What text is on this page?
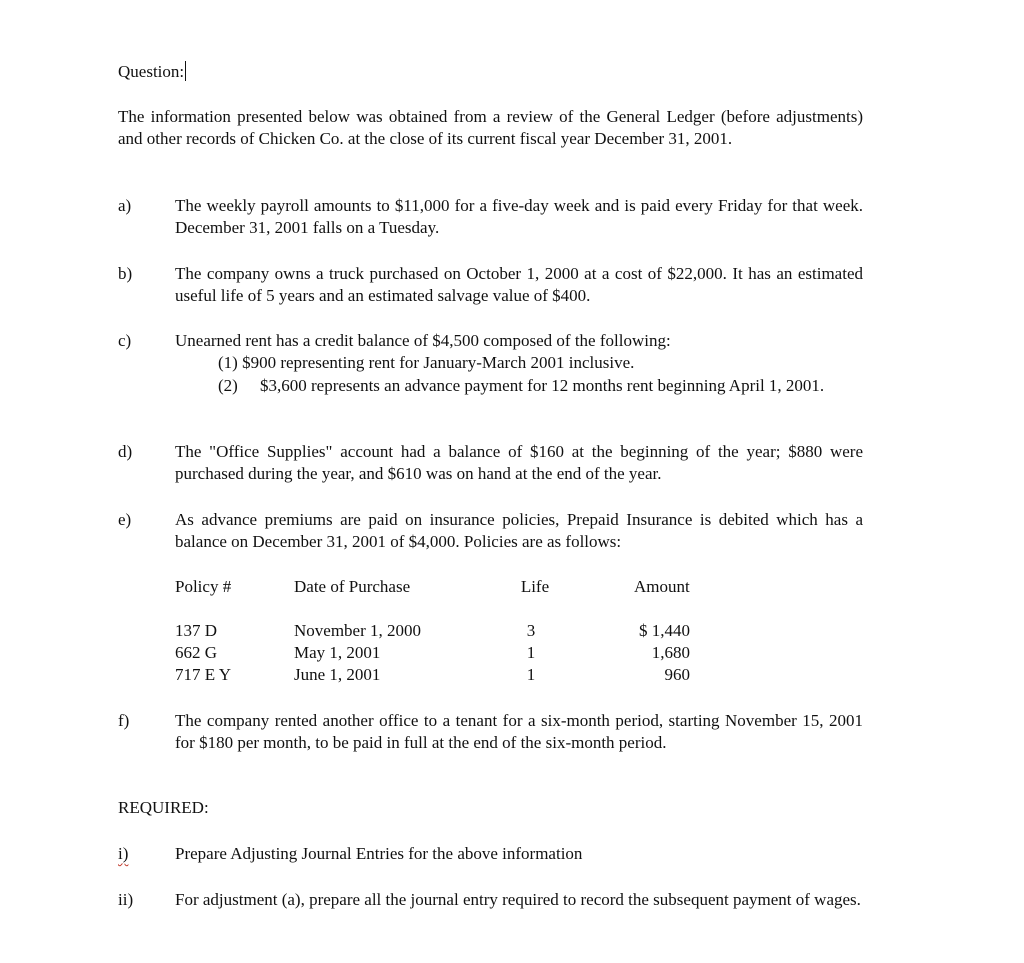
Question:
The information presented below was obtained from a review of the General Ledger (before adjustments) and other records of Chicken Co. at the close of its current fiscal year December 31, 2001.
a)	The weekly payroll amounts to $11,000 for a five-day week and is paid every Friday for that week. December 31, 2001 falls on a Tuesday.
b)	The company owns a truck purchased on October 1, 2000 at a cost of $22,000. It has an estimated useful life of 5 years and an estimated salvage value of $400.
c)	Unearned rent has a credit balance of $4,500 composed of the following:
(1) $900 representing rent for January-March 2001 inclusive.
(2) $3,600 represents an advance payment for 12 months rent beginning April 1, 2001.
d)	The "Office Supplies" account had a balance of $160 at the beginning of the year; $880 were purchased during the year, and $610 was on hand at the end of the year.
e)	As advance premiums are paid on insurance policies, Prepaid Insurance is debited which has a balance on December 31, 2001 of $4,000. Policies are as follows:
Policy #	Date of Purchase	Life	Amount
137 D	November 1, 2000	3	$ 1,440
662 G	May 1, 2001	1	1,680
717 E Y	June 1, 2001	1	960
f)	The company rented another office to a tenant for a six-month period, starting November 15, 2001 for $180 per month, to be paid in full at the end of the six-month period.
REQUIRED:
i)	Prepare Adjusting Journal Entries for the above information
ii) For adjustment (a), prepare all the journal entry required to record the subsequent payment of wages.
